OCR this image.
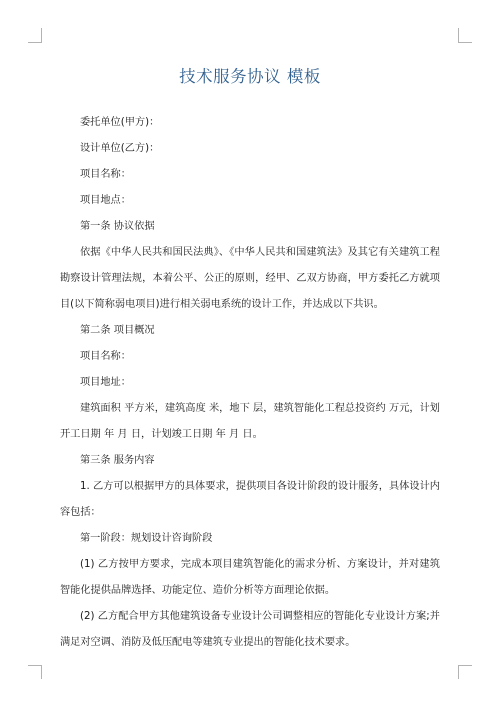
技术服务协议 模板

委托单位(甲方)：

设计单位(乙方)：

项目名称：

项目地点：

第一条 协议依据

依据《中华人民共和国民法典》、《中华人民共和国建筑法》及其它有关建筑工程勘察设计管理法规，本着公平、公正的原则，经甲、乙双方协商，甲方委托乙方就项目(以下简称弱电项目)进行相关弱电系统的设计工作，并达成以下共识。

第二条 项目概况

项目名称：

项目地址：

建筑面积 平方米，建筑高度 米，地下 层，建筑智能化工程总投资约 万元，计划开工日期 年 月 日，计划竣工日期 年 月 日。

第三条 服务内容

1. 乙方可以根据甲方的具体要求，提供项目各设计阶段的设计服务，具体设计内容包括：

第一阶段：规划设计咨询阶段

(1) 乙方按甲方要求，完成本项目建筑智能化的需求分析、方案设计，并对建筑智能化提供品牌选择、功能定位、造价分析等方面理论依据。

(2) 乙方配合甲方其他建筑设备专业设计公司调整相应的智能化专业设计方案;并满足对空调、消防及低压配电等建筑专业提出的智能化技术要求。
